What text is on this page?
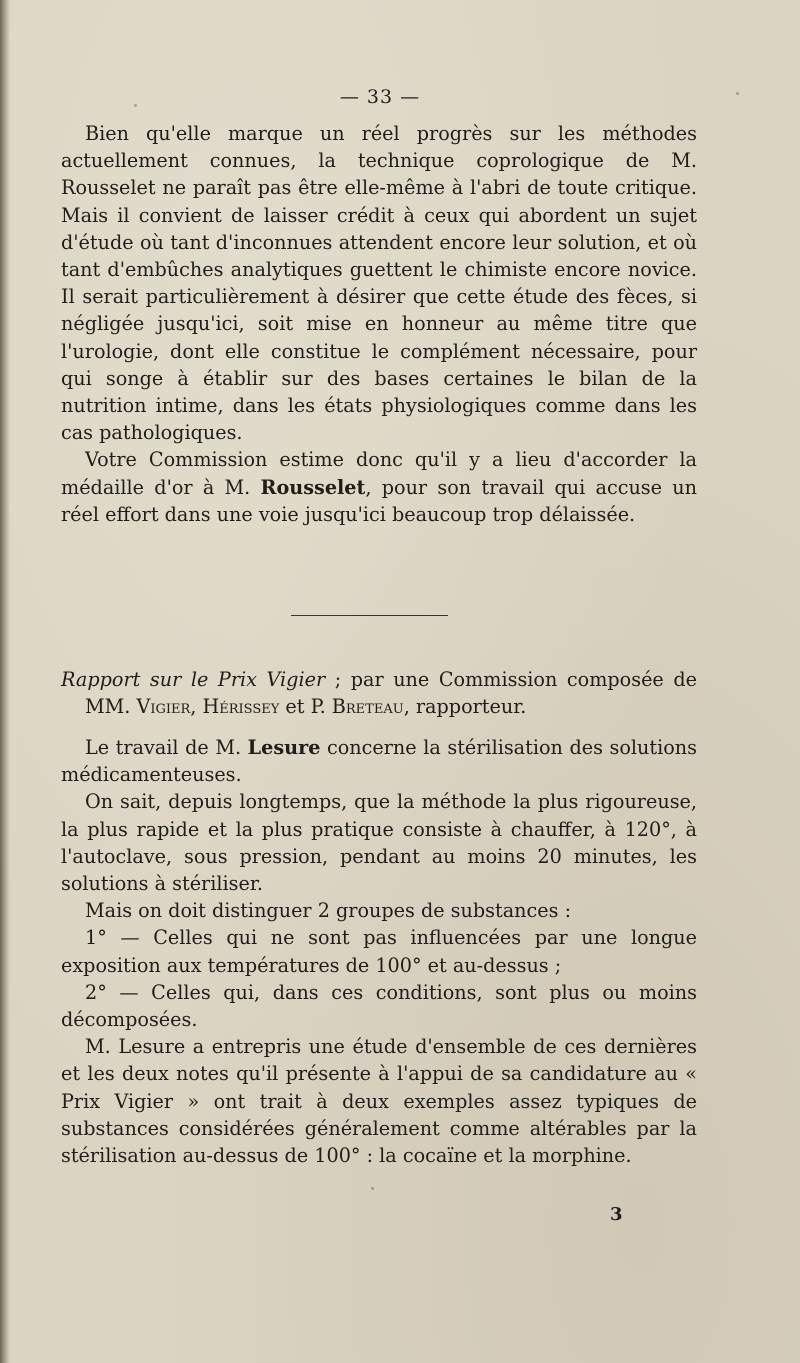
— 33 —

Bien qu'elle marque un réel progrès sur les méthodes actuellement connues, la technique coprologique de M. Rousselet ne paraît pas être elle-même à l'abri de toute critique. Mais il convient de laisser crédit à ceux qui abordent un sujet d'étude où tant d'inconnues attendent encore leur solution, et où tant d'embûches analytiques guettent le chimiste encore novice. Il serait particulièrement à désirer que cette étude des fèces, si négligée jusqu'ici, soit mise en honneur au même titre que l'urologie, dont elle constitue le complément nécessaire, pour qui songe à établir sur des bases certaines le bilan de la nutrition intime, dans les états physiologiques comme dans les cas pathologiques.

Votre Commission estime donc qu'il y a lieu d'accorder la médaille d'or à M. Rousselet, pour son travail qui accuse un réel effort dans une voie jusqu'ici beaucoup trop délaissée.

Rapport sur le Prix Vigier ; par une Commission composée de MM. Vigier, Hérissey et P. Breteau, rapporteur.

Le travail de M. Lesure concerne la stérilisation des solutions médicamenteuses.

On sait, depuis longtemps, que la méthode la plus rigoureuse, la plus rapide et la plus pratique consiste à chauffer, à 120°, à l'autoclave, sous pression, pendant au moins 20 minutes, les solutions à stériliser.

Mais on doit distinguer 2 groupes de substances :

1° — Celles qui ne sont pas influencées par une longue exposition aux températures de 100° et au-dessus ;

2° — Celles qui, dans ces conditions, sont plus ou moins décomposées.

M. Lesure a entrepris une étude d'ensemble de ces dernières et les deux notes qu'il présente à l'appui de sa candidature au « Prix Vigier » ont trait à deux exemples assez typiques de substances considérées généralement comme altérables par la stérilisation au-dessus de 100° : la cocaïne et la morphine.

3
